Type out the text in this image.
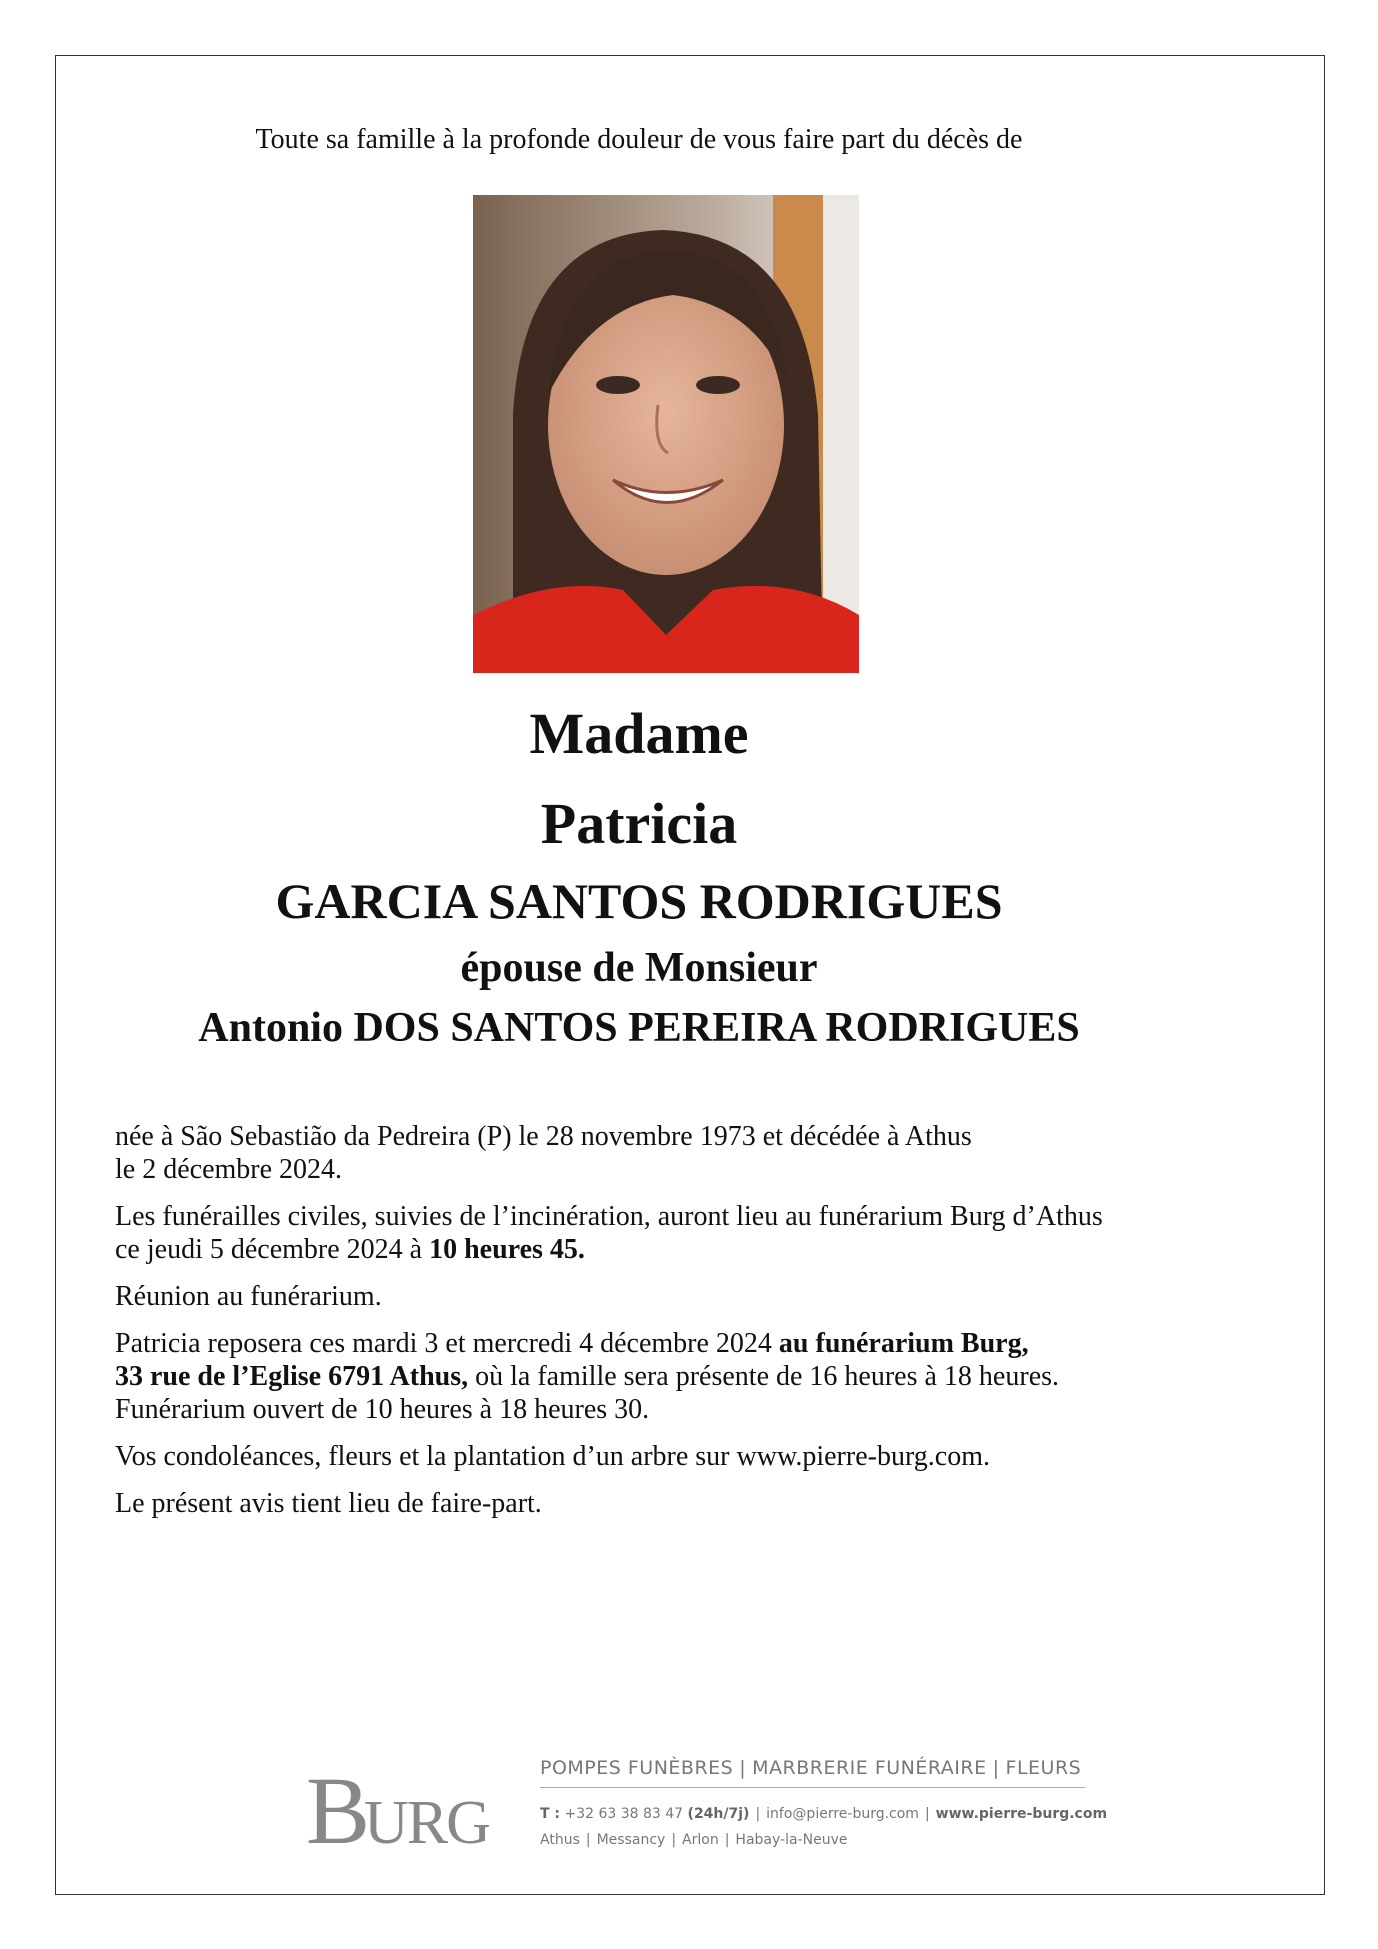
Toute sa famille à la profonde douleur de vous faire part du décès de
Madame
Patricia
GARCIA SANTOS RODRIGUES
épouse de Monsieur
Antonio DOS SANTOS PEREIRA RODRIGUES

née à São Sebastião da Pedreira (P) le 28 novembre 1973 et décédée à Athus
le 2 décembre 2024.

Les funérailles civiles, suivies de l’incinération, auront lieu au funérarium Burg d’Athus
ce jeudi 5 décembre 2024 à 10 heures 45.

Réunion au funérarium.

Patricia reposera ces mardi 3 et mercredi 4 décembre 2024 au funérarium Burg,
33 rue de l’Eglise 6791 Athus, où la famille sera présente de 16 heures à 18 heures.
Funérarium ouvert de 10 heures à 18 heures 30.

Vos condoléances, fleurs et la plantation d’un arbre sur www.pierre-burg.com.

Le présent avis tient lieu de faire-part.

B
URG
POMPES FUNÈBRES | MARBRERIE FUNÉRAIRE | FLEURS
T : +32 63 38 83 47 (24h/7j) | info@pierre-burg.com | www.pierre-burg.com
Athus | Messancy | Arlon | Habay-la-Neuve
